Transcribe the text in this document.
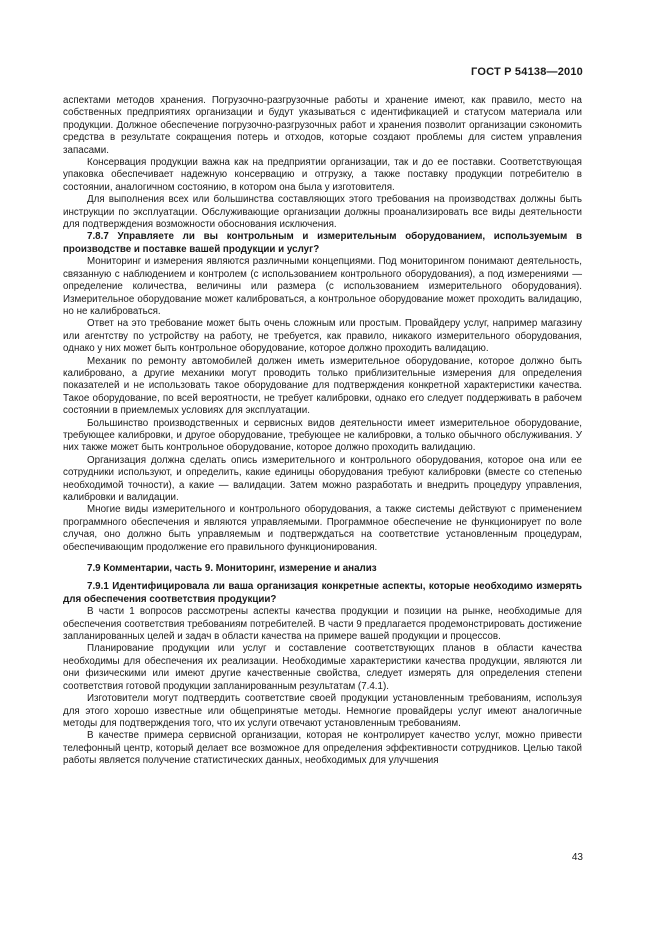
ГОСТ Р 54138—2010

аспектами методов хранения. Погрузочно-разгрузочные работы и хранение имеют, как правило, место на собственных предприятиях организации и будут указываться с идентификацией и статусом материала или продукции. Должное обеспечение погрузочно-разгрузочных работ и хранения позволит организации сэкономить средства в результате сокращения потерь и отходов, которые создают проблемы для систем управления запасами.

Консервация продукции важна как на предприятии организации, так и до ее поставки. Соответствующая упаковка обеспечивает надежную консервацию и отгрузку, а также поставку продукции потребителю в состоянии, аналогичном состоянию, в котором она была у изготовителя.

Для выполнения всех или большинства составляющих этого требования на производствах должны быть инструкции по эксплуатации. Обслуживающие организации должны проанализировать все виды деятельности для подтверждения возможности обоснования исключения.

7.8.7 Управляете ли вы контрольным и измерительным оборудованием, используемым в производстве и поставке вашей продукции и услуг?

Мониторинг и измерения являются различными концепциями. Под мониторингом понимают деятельность, связанную с наблюдением и контролем (с использованием контрольного оборудования), а под измерениями — определение количества, величины или размера (с использованием измерительного оборудования). Измерительное оборудование может калиброваться, а контрольное оборудование может проходить валидацию, но не калиброваться.

Ответ на это требование может быть очень сложным или простым. Провайдеру услуг, например магазину или агентству по устройству на работу, не требуется, как правило, никакого измерительного оборудования, однако у них может быть контрольное оборудование, которое должно проходить валидацию.

Механик по ремонту автомобилей должен иметь измерительное оборудование, которое должно быть калибровано, а другие механики могут проводить только приблизительные измерения для определения показателей и не использовать такое оборудование для подтверждения конкретной характеристики качества. Такое оборудование, по всей вероятности, не требует калибровки, однако его следует поддерживать в рабочем состоянии в приемлемых условиях для эксплуатации.

Большинство производственных и сервисных видов деятельности имеет измерительное оборудование, требующее калибровки, и другое оборудование, требующее не калибровки, а только обычного обслуживания. У них также может быть контрольное оборудование, которое должно проходить валидацию.

Организация должна сделать опись измерительного и контрольного оборудования, которое она или ее сотрудники используют, и определить, какие единицы оборудования требуют калибровки (вместе со степенью необходимой точности), а какие — валидации. Затем можно разработать и внедрить процедуру управления, калибровки и валидации.

Многие виды измерительного и контрольного оборудования, а также системы действуют с применением программного обеспечения и являются управляемыми. Программное обеспечение не функционирует по воле случая, оно должно быть управляемым и подтверждаться на соответствие установленным процедурам, обеспечивающим продолжение его правильного функционирования.

7.9 Комментарии, часть 9. Мониторинг, измерение и анализ

7.9.1 Идентифицировала ли ваша организация конкретные аспекты, которые необходимо измерять для обеспечения соответствия продукции?

В части 1 вопросов рассмотрены аспекты качества продукции и позиции на рынке, необходимые для обеспечения соответствия требованиям потребителей. В части 9 предлагается продемонстрировать достижение запланированных целей и задач в области качества на примере вашей продукции и процессов.

Планирование продукции или услуг и составление соответствующих планов в области качества необходимы для обеспечения их реализации. Необходимые характеристики качества продукции, являются ли они физическими или имеют другие качественные свойства, следует измерять для определения степени соответствия готовой продукции запланированным результатам (7.4.1).

Изготовители могут подтвердить соответствие своей продукции установленным требованиям, используя для этого хорошо известные или общепринятые методы. Немногие провайдеры услуг имеют аналогичные методы для подтверждения того, что их услуги отвечают установленным требованиям.

В качестве примера сервисной организации, которая не контролирует качество услуг, можно привести телефонный центр, который делает все возможное для определения эффективности сотрудников. Целью такой работы является получение статистических данных, необходимых для улучшения

43
